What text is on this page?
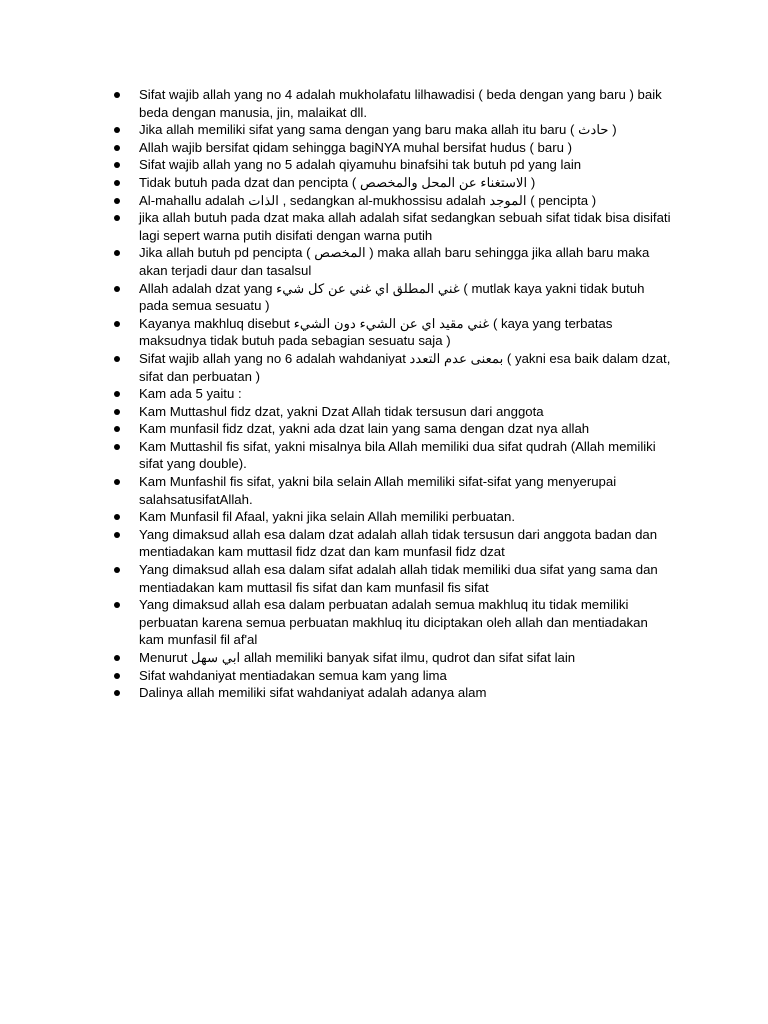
Sifat wajib allah yang no 4 adalah mukholafatu lilhawadisi ( beda dengan yang baru ) baik beda dengan manusia, jin, malaikat dll.
Jika allah memiliki sifat yang sama dengan yang baru maka allah itu baru ( حادث )
Allah wajib bersifat qidam sehingga bagiNYA muhal bersifat hudus ( baru )
Sifat wajib allah yang no 5 adalah qiyamuhu binafsihi tak butuh pd yang lain
Tidak butuh pada dzat dan pencipta ( الاستغناء عن المحل والمخصص )
Al-mahallu adalah الذات , sedangkan al-mukhossisu adalah الموجد ( pencipta )
jika allah butuh pada dzat maka allah adalah sifat sedangkan sebuah sifat tidak bisa disifati lagi sepert warna putih disifati dengan warna putih
Jika allah butuh pd pencipta ( المخصص ) maka allah baru sehingga jika allah baru maka akan terjadi daur dan tasalsul
Allah adalah dzat yang غني المطلق اي غني عن كل شيء ( mutlak kaya yakni tidak butuh pada semua sesuatu )
Kayanya makhluq disebut غني مقيد اي عن الشيء دون الشيء ( kaya yang terbatas maksudnya tidak butuh pada sebagian sesuatu saja )
Sifat wajib allah yang no 6 adalah wahdaniyat بمعنى عدم التعدد ( yakni esa baik dalam dzat, sifat dan perbuatan )
Kam ada 5 yaitu :
Kam Muttashul fidz dzat, yakni Dzat Allah tidak tersusun dari anggota
Kam munfasil fidz dzat, yakni ada dzat lain yang sama dengan dzat nya allah
Kam Muttashil fis sifat, yakni misalnya bila Allah memiliki dua sifat qudrah (Allah memiliki sifat yang double).
Kam Munfashil fis sifat, yakni bila selain Allah memiliki sifat-sifat yang menyerupai salahsatusifatAllah.
Kam Munfasil fil Afaal, yakni jika selain Allah memiliki perbuatan.
Yang dimaksud allah esa dalam dzat adalah allah tidak tersusun dari anggota badan dan mentiadakan kam muttasil fidz dzat dan kam munfasil fidz dzat
Yang dimaksud allah esa dalam sifat adalah allah tidak memiliki dua sifat yang sama dan mentiadakan kam muttasil fis sifat dan kam munfasil fis sifat
Yang dimaksud allah esa dalam perbuatan adalah semua makhluq itu tidak memiliki perbuatan karena semua perbuatan makhluq itu diciptakan oleh allah dan mentiadakan kam munfasil fil af'al
Menurut ابي سهل allah memiliki banyak sifat ilmu, qudrot dan sifat sifat lain
Sifat wahdaniyat mentiadakan semua kam yang lima
Dalinya allah memiliki sifat wahdaniyat adalah adanya alam
